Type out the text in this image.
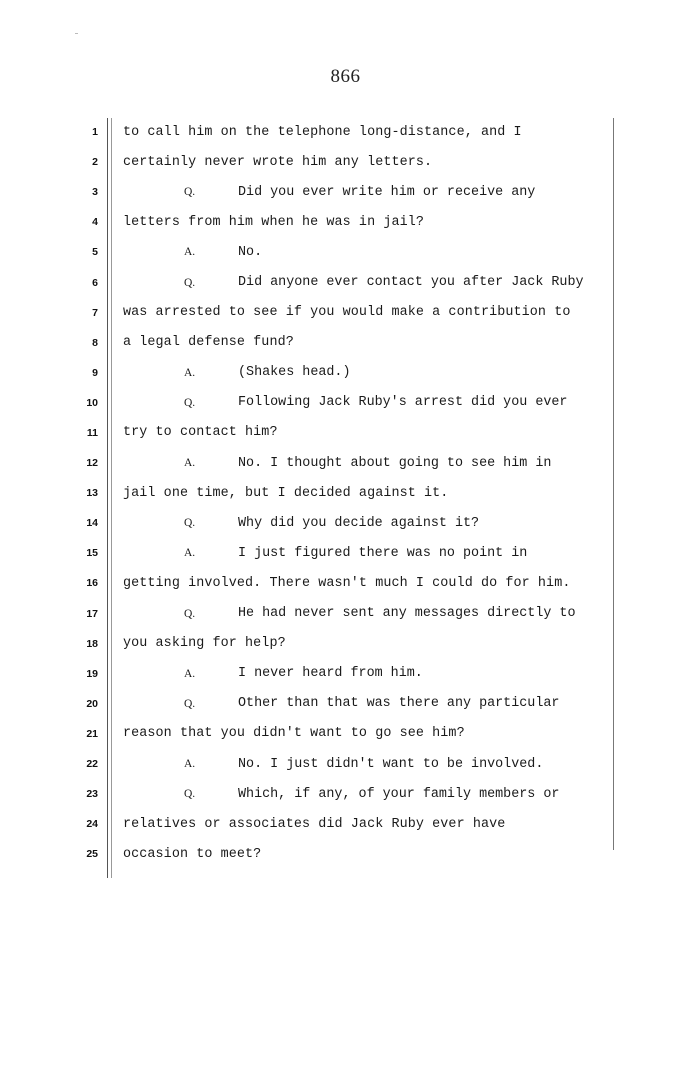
866
1 to call him on the telephone long-distance, and I
2 certainly never wrote him any letters.
3	Q.	Did you ever write him or receive any
4 letters from him when he was in jail?
5	A.	No.
6	Q.	Did anyone ever contact you after Jack Ruby
7 was arrested to see if you would make a contribution to
8 a legal defense fund?
9	A.	(Shakes head.)
10	Q.	Following Jack Ruby's arrest did you ever
11 try to contact him?
12	A.	No. I thought about going to see him in
13 jail one time, but I decided against it.
14	Q.	Why did you decide against it?
15	A.	I just figured there was no point in
16 getting involved. There wasn't much I could do for him.
17	Q.	He had never sent any messages directly to
18 you asking for help?
19	A.	I never heard from him.
20	Q.	Other than that was there any particular
21 reason that you didn't want to go see him?
22	A.	No. I just didn't want to be involved.
23	Q.	Which, if any, of your family members or
24 relatives or associates did Jack Ruby ever have
25 occasion to meet?
